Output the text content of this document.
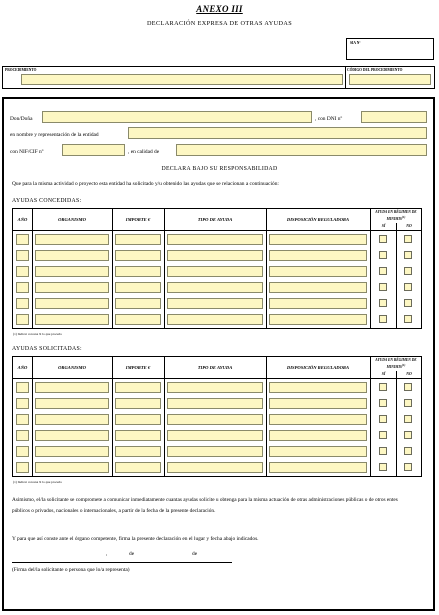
ANEXO III
DECLARACIÓN EXPRESA DE OTRAS AYUDAS
SIA Nº
PROCEDIMIENTO	CÓDIGO DEL PROCEDIMIENTO
Don/Doña	, con DNI nº
en nombre y representación de la entidad
con NIF/CIF nº	, en calidad de
DECLARA BAJO SU RESPONSABILIDAD
Que para la misma actividad o proyecto esta entidad ha solicitado y/u obtenido las ayudas que se relacionan a continuación:
AYUDAS CONCEDIDAS:
AÑO	ORGANISMO	IMPORTE €	TIPO DE AYUDA	DISPOSICIÓN REGULADORA
AYUDA EN RÉGIMEN DE MINIMIS$^{(1)}$
SÍ	NO
(1) Indicar con una X lo que proceda
AYUDAS SOLICITADAS:
AÑO	ORGANISMO	IMPORTE €	TIPO DE AYUDA	DISPOSICIÓN REGULADORA
AYUDA EN RÉGIMEN DE MINIMIS$^{(1)}$
SÍ	NO
(1) Indicar con una X lo que proceda
Asimismo, el/la solicitante se compromete a comunicar inmediatamente cuantas ayudas solicite u obtenga para la misma actuación de otras administraciones públicas o de otros entes públicos o privados, nacionales o internacionales, a partir de la fecha de la presente declaración.
Y para que así conste ante el órgano competente, firma la presente declaración en el lugar y fecha abajo indicados.
,	de	de
(Firma del/la solicitante o persona que lo/a representa)
